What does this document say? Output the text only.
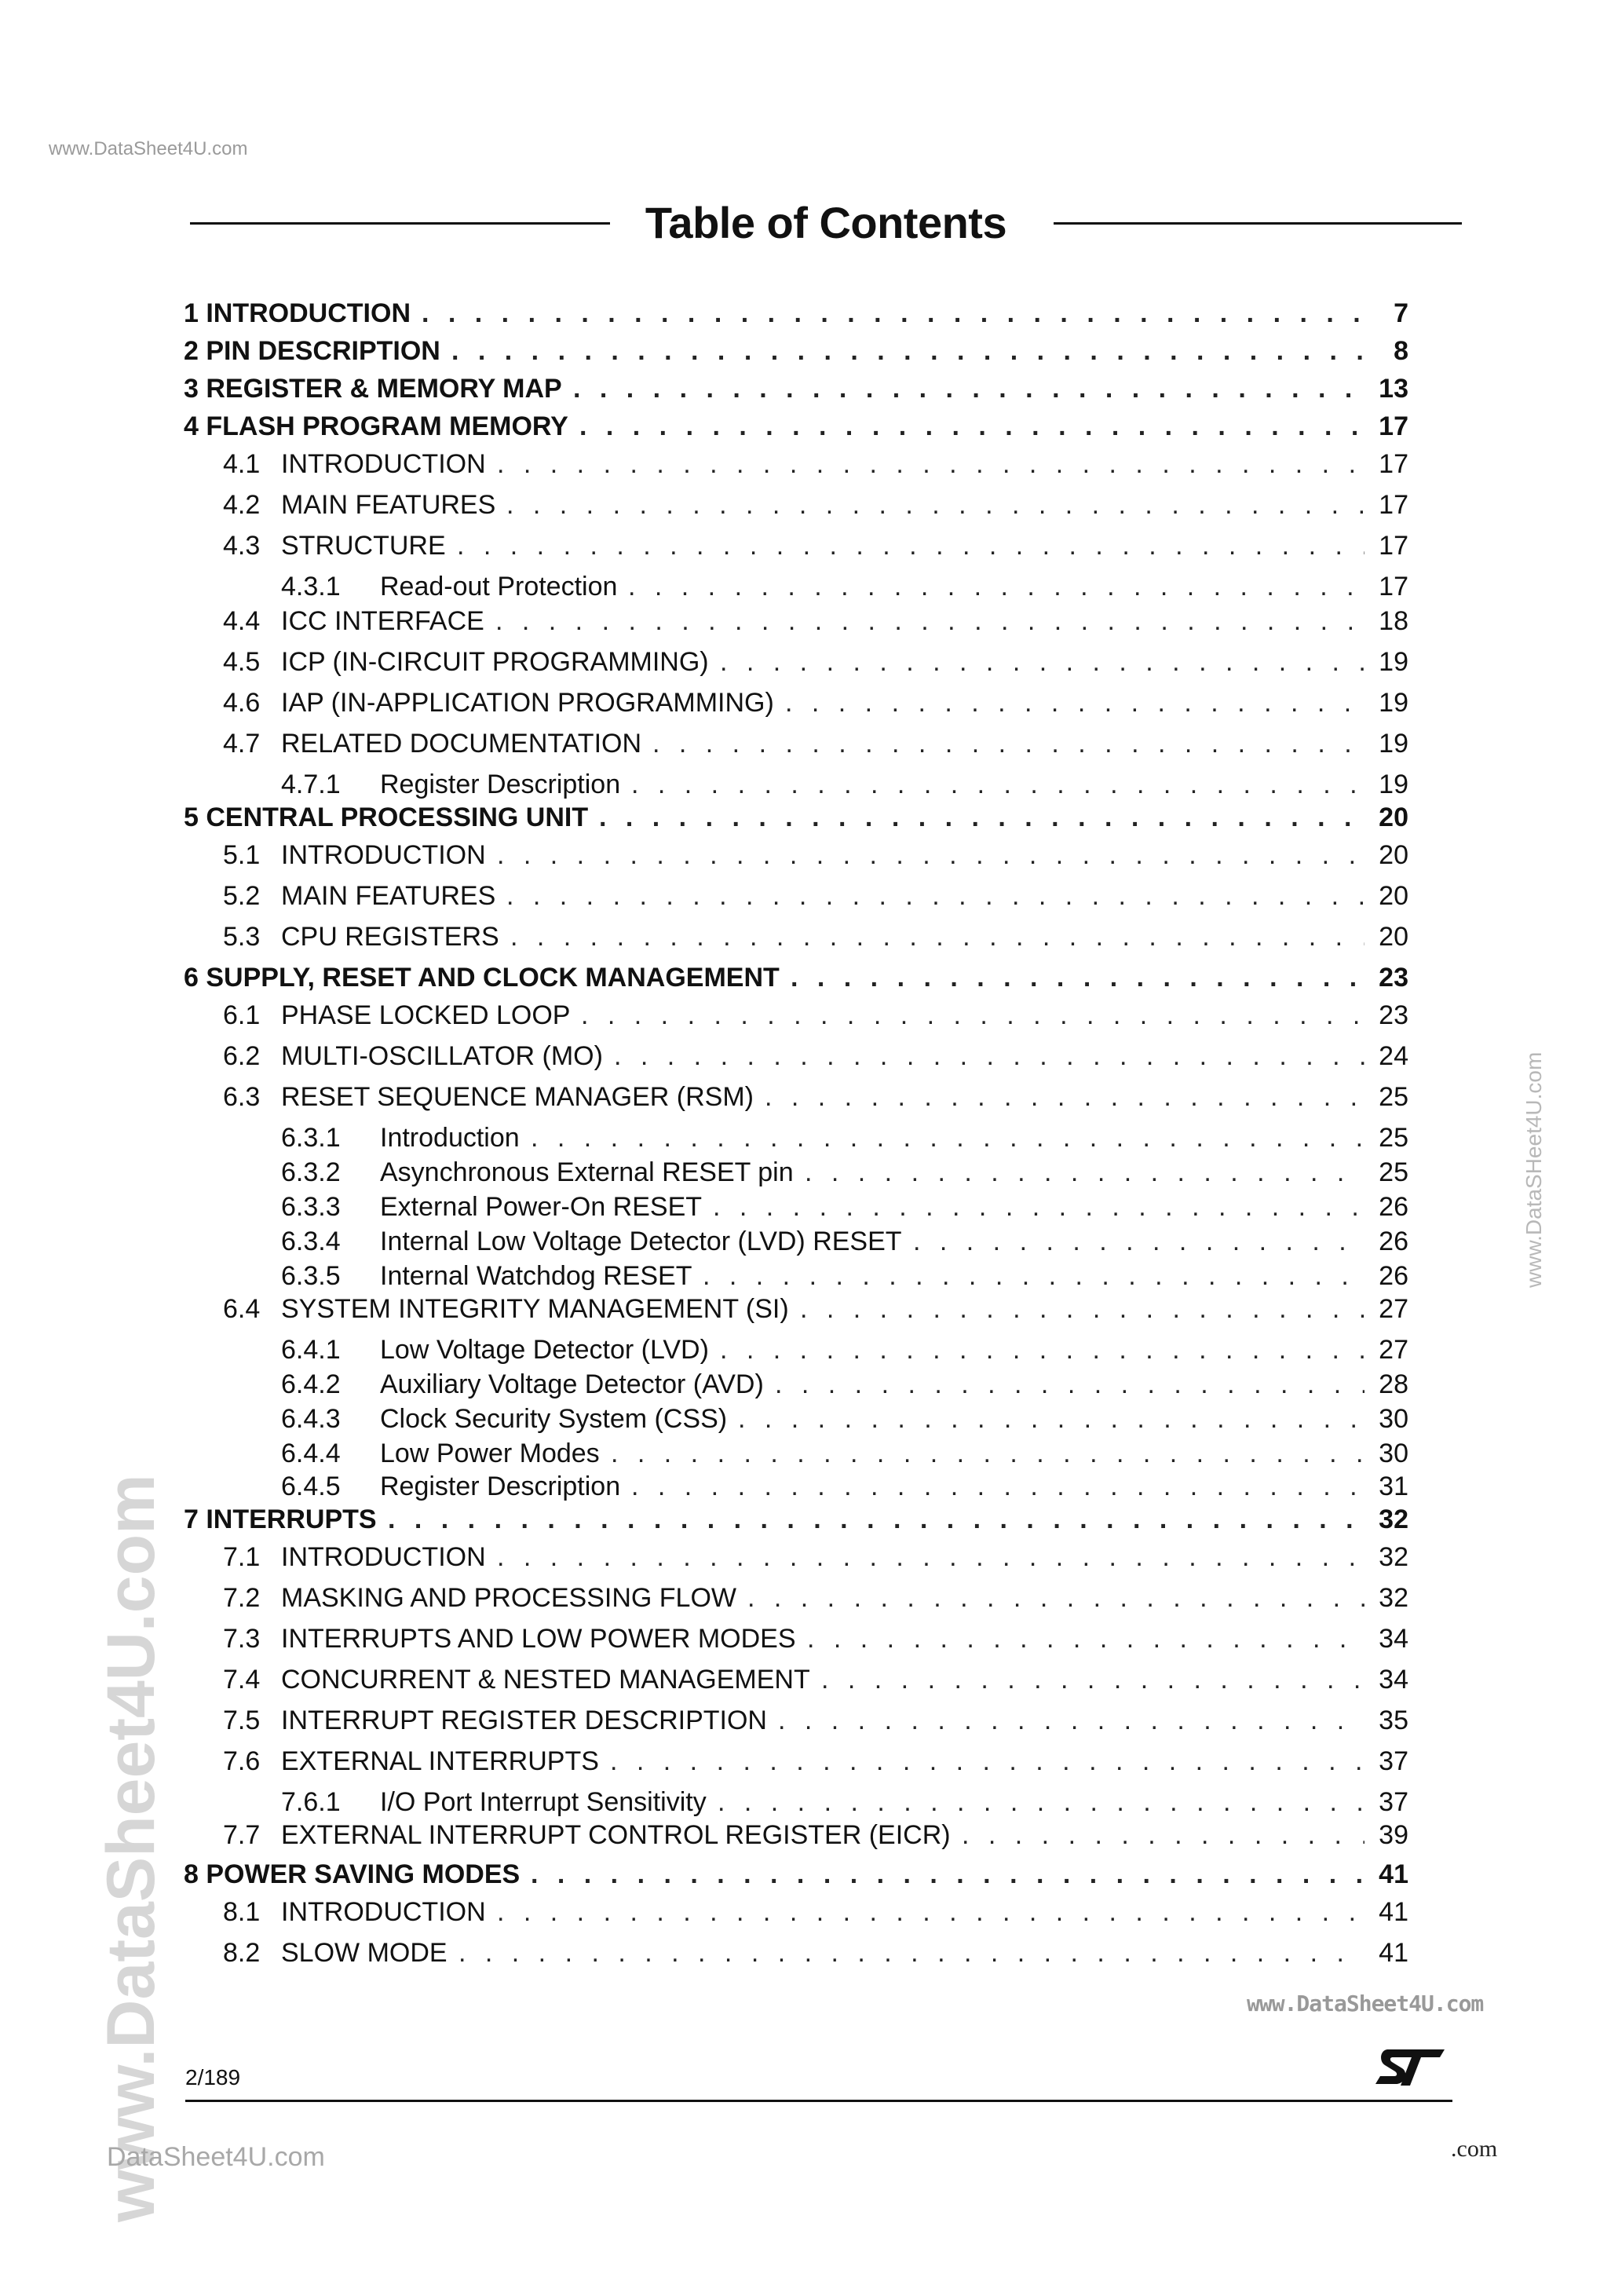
www.DataSheet4U.com
Table of Contents
1 INTRODUCTION . . .	7
2 PIN DESCRIPTION . . .	8
3 REGISTER & MEMORY MAP . . .	13
4 FLASH PROGRAM MEMORY . . .	17
4.1 INTRODUCTION . . .	17
4.2 MAIN FEATURES . . .	17
4.3 STRUCTURE . . .	17
4.3.1 Read-out Protection . . .	17
4.4 ICC INTERFACE . . .	18
4.5 ICP (IN-CIRCUIT PROGRAMMING) . . .	19
4.6 IAP (IN-APPLICATION PROGRAMMING) . . .	19
4.7 RELATED DOCUMENTATION . . .	19
4.7.1 Register Description . . .	19
5 CENTRAL PROCESSING UNIT . . .	20
5.1 INTRODUCTION . . .	20
5.2 MAIN FEATURES . . .	20
5.3 CPU REGISTERS . . .	20
6 SUPPLY, RESET AND CLOCK MANAGEMENT . . .	23
6.1 PHASE LOCKED LOOP . . .	23
6.2 MULTI-OSCILLATOR (MO) . . .	24
6.3 RESET SEQUENCE MANAGER (RSM) . . .	25
6.3.1 Introduction . . .	25
6.3.2 Asynchronous External RESET pin . . .	25
6.3.3 External Power-On RESET . . .	26
6.3.4 Internal Low Voltage Detector (LVD) RESET . . .	26
6.3.5 Internal Watchdog RESET . . .	26
6.4 SYSTEM INTEGRITY MANAGEMENT (SI) . . .	27
6.4.1 Low Voltage Detector (LVD) . . .	27
6.4.2 Auxiliary Voltage Detector (AVD) . . .	28
6.4.3 Clock Security System (CSS) . . .	30
6.4.4 Low Power Modes . . .	30
6.4.5 Register Description . . .	31
7 INTERRUPTS . . .	32
7.1 INTRODUCTION . . .	32
7.2 MASKING AND PROCESSING FLOW . . .	32
7.3 INTERRUPTS AND LOW POWER MODES . . .	34
7.4 CONCURRENT & NESTED MANAGEMENT . . .	34
7.5 INTERRUPT REGISTER DESCRIPTION . . .	35
7.6 EXTERNAL INTERRUPTS . . .	37
7.6.1 I/O Port Interrupt Sensitivity . . .	37
7.7 EXTERNAL INTERRUPT CONTROL REGISTER (EICR) . . .	39
8 POWER SAVING MODES . . .	41
8.1 INTRODUCTION . . .	41
8.2 SLOW MODE . . .	41
www.DataSHeet4U.com
www.DataSheet4U.com	www.DataSheet4U.com
2/189
DataSheet4U.com	.com
